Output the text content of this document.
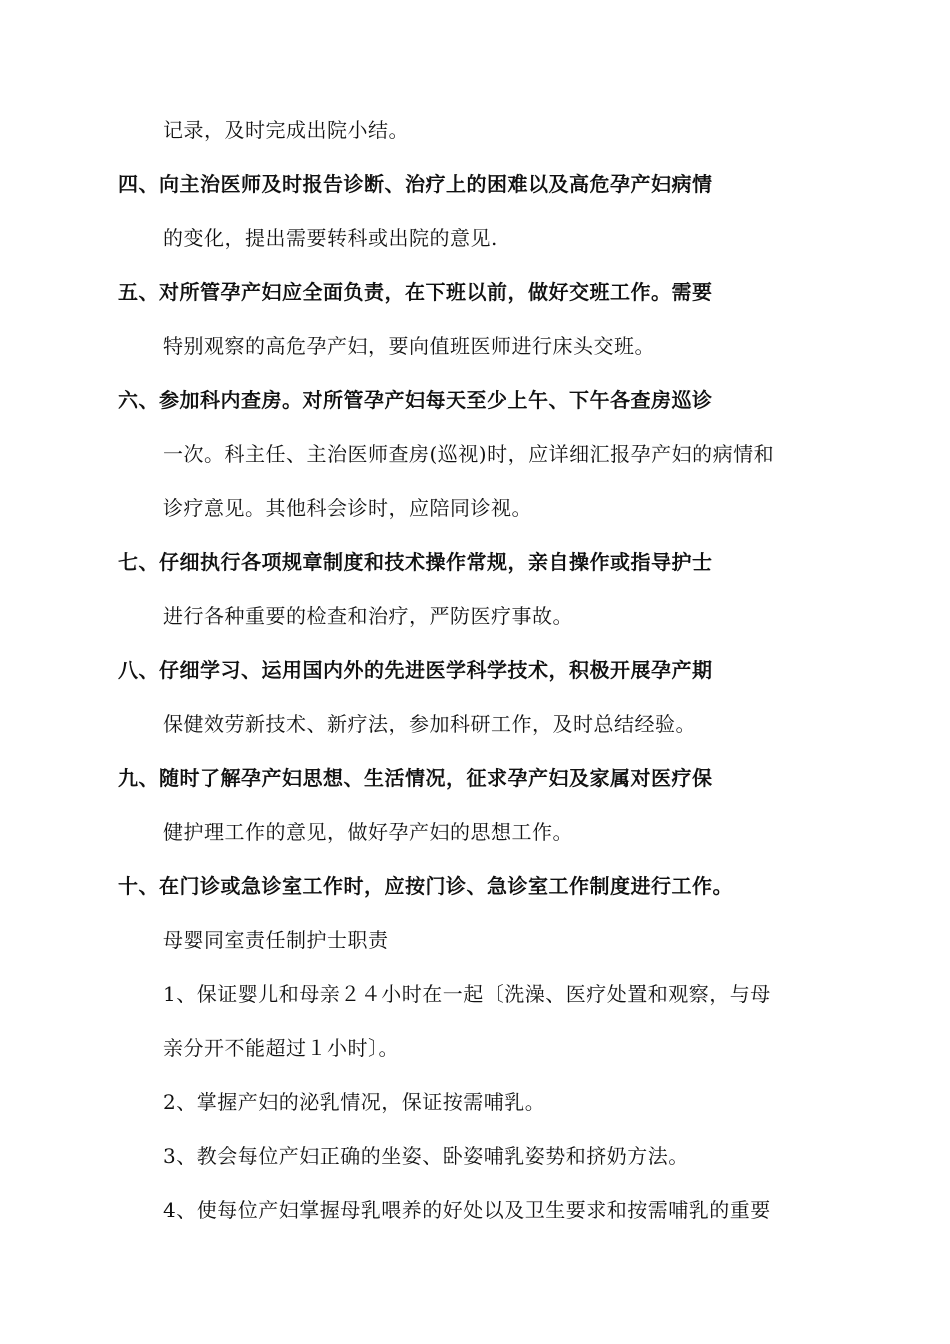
记录，及时完成出院小结。
四、向主治医师及时报告诊断、治疗上的困难以及高危孕产妇病情
的变化，提出需要转科或出院的意见.
五、对所管孕产妇应全面负责，在下班以前，做好交班工作。需要
特别观察的高危孕产妇，要向值班医师进行床头交班。
六、参加科内查房。对所管孕产妇每天至少上午、下午各查房巡诊
一次。科主任、主治医师查房(巡视)时，应详细汇报孕产妇的病情和
诊疗意见。其他科会诊时，应陪同诊视。
七、仔细执行各项规章制度和技术操作常规，亲自操作或指导护士
进行各种重要的检查和治疗，严防医疗事故。
八、仔细学习、运用国内外的先进医学科学技术，积极开展孕产期
保健效劳新技术、新疗法，参加科研工作，及时总结经验。
九、随时了解孕产妇思想、生活情况，征求孕产妇及家属对医疗保
健护理工作的意见，做好孕产妇的思想工作。
十、在门诊或急诊室工作时，应按门诊、急诊室工作制度进行工作。
母婴同室责任制护士职责
1、保证婴儿和母亲２４小时在一起〔洗澡、医疗处置和观察，与母
亲分开不能超过１小时〕。
2、掌握产妇的泌乳情况，保证按需哺乳。
3、教会每位产妇正确的坐姿、卧姿哺乳姿势和挤奶方法。
4、使每位产妇掌握母乳喂养的好处以及卫生要求和按需哺乳的重要
